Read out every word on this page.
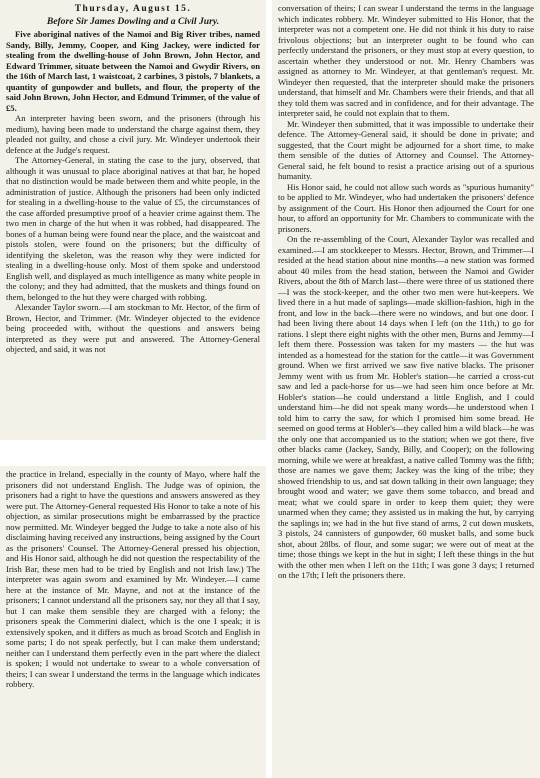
Thursday, August 15.
Before Sir James Dowling and a Civil Jury.

Five aboriginal natives of the Namoi and Big River tribes, named Sandy, Billy, Jemmy, Cooper, and King Jackey, were indicted for stealing from the dwelling-house of John Brown, John Hector, and Edward Trimmer, situate between the Namoi and Gwydir Rivers, on the 16th of March last, 1 waistcoat, 2 carbines, 3 pistols, 7 blankets, a quantity of gunpowder and bullets, and flour, the property of the said John Brown, John Hector, and Edmund Trimmer, of the value of £5.

An interpreter having been sworn, and the prisoners (through his medium), having been made to understand the charge against them, they pleaded not guilty, and chose a civil jury. Mr. Windeyer undertook their defence at the Judge's request.

The Attorney-General, in stating the case to the jury, observed, that although it was unusual to place aboriginal natives at that bar, he hoped that no distinction would be made between them and white people, in the administration of justice. Although the prisoners had been only indicted for stealing in a dwelling-house to the value of £5, the circumstances of the case afforded presumptive proof of a heavier crime against them. The two men in charge of the hut when it was robbed, had disappeared. The bones of a human being were found near the place, and the waistcoat and pistols stolen, were found on the prisoners; but the difficulty of identifying the skeleton, was the reason why they were indicted for stealing in a dwelling-house only. Most of them spoke and understood English well, and displayed as much intelligence as many white people in the colony; and they had admitted, that the muskets and things found on them, belonged to the hut they were charged with robbing.

Alexander Taylor sworn.—I am stockman to Mr. Hector, of the firm of Brown, Hector, and Trimmer. (Mr. Windeyer objected to the evidence being proceeded with, without the questions and answers being interpreted as they were put and answered. The Attorney-General objected, and said, it was not

the practice in Ireland, especially in the county of Mayo, where half the prisoners did not understand English. The Judge was of opinion, the prisoners had a right to have the questions and answers answered as they were put. The Attorney-General requested His Honor to take a note of his objection, as similar prosecutions might be embarrassed by the practice now permitted. Mr. Windeyer begged the Judge to take a note also of his disclaiming having received any instructions, being assigned by the Court as the prisoners' Counsel. The Attorney-General pressed his objection, and His Honor said, although he did not question the respectability of the Irish Bar, these men had to be tried by English and not Irish law.) The interpreter was again sworn and examined by Mr. Windeyer.—I came here at the instance of Mr. Mayne, and not at the instance of the prisoners; I cannot understand all the prisoners say, nor they all that I say, but I can make them sensible they are charged with a felony; the prisoners speak the Commerini dialect, which is the one I speak; it is extensively spoken, and it differs as much as broad Scotch and English in some parts; I do not speak perfectly, but I can make them understand; neither can I understand them perfectly even in the part where the dialect is spoken; I would not undertake to swear to a whole conversation of theirs; I can swear I understand the terms in the language which indicates robbery.

conversation of theirs; I can swear I understand the terms in the language which indicates robbery. Mr. Windeyer submitted to His Honor, that the interpreter was not a competent one. He did not think it his duty to raise frivolous objections; but an interpreter ought to be found who can perfectly understand the prisoners, or they must stop at every question, to ascertain whether they understood or not. Mr. Henry Chambers was assigned as attorney to Mr. Windeyer, at that gentleman's request. Mr. Windeyer then requested, that the interpreter should make the prisoners understand, that himself and Mr. Chambers were their friends, and that all they told them was sacred and in confidence, and for their advantage. The interpreter said, he could not explain that to them.

Mr. Windeyer then submitted, that it was impossible to undertake their defence. The Attorney-General said, it should be done in private; and suggested, that the Court might be adjourned for a short time, to make them sensible of the duties of Attorney and Counsel. The Attorney-General said, he felt bound to resist a practice arising out of a spurious humanity.

His Honor said, he could not allow such words as "spurious humanity" to be applied to Mr. Windeyer, who had undertaken the prisoners' defence by assignment of the Court. His Honor then adjourned the Court for one hour, to afford an opportunity for Mr. Chambers to communicate with the prisoners.

On the re-assembling of the Court, Alexander Taylor was recalled and examined.—I am stockkeeper to Messrs. Hector, Brown, and Trimmer—I resided at the head station about nine months—a new station was formed about 40 miles from the head station, between the Namoi and Gwider Rivers, about the 8th of March last—there were three of us stationed there—I was the stock-keeper, and the other two men were hut-keepers. We lived there in a hut made of saplings—made skillion-fashion, high in the front, and low in the back—there were no windows, and but one door. I had been living there about 14 days when I left (on the 11th,) to go for rations. I slept there eight nights with the other men, Burns and Jemmy—I left them there. Possession was taken for my masters — the hut was intended as a homestead for the station for the cattle—it was Government ground. When we first arrived we saw five native blacks. The prisoner Jemmy went with us from Mr. Hobler's station—he carried a cross-cut saw and led a pack-horse for us—we had seen him once before at Mr. Hobler's station—he could understand a little English, and I could understand him—he did not speak many words—he understood when I told him to carry the saw, for which I promised him some bread. He seemed on good terms at Hobler's—they called him a wild black—he was the only one that accompanied us to the station; when we got there, five other blacks came (Jackey, Sandy, Billy, and Cooper); on the following morning, while we were at breakfast, a native called Tommy was the fifth; those are names we gave them; Jackey was the king of the tribe; they showed friendship to us, and sat down talking in their own language; they brought wood and water; we gave them some tobacco, and bread and meat; what we could spare in order to keep them quiet; they were unarmed when they came; they assisted us in making the hut, by carrying the saplings in; we had in the hut five stand of arms, 2 cut down muskets, 3 pistols, 24 cannisters of gunpowder, 60 musket balls, and some buck shot, about 28lbs. of flour, and some sugar; we were out of meat at the time; those things we kept in the hut in sight; I left these things in the hut with the other men when I left on the 11th; I was gone 3 days; I returned on the 17th; I left the prisoners there.
